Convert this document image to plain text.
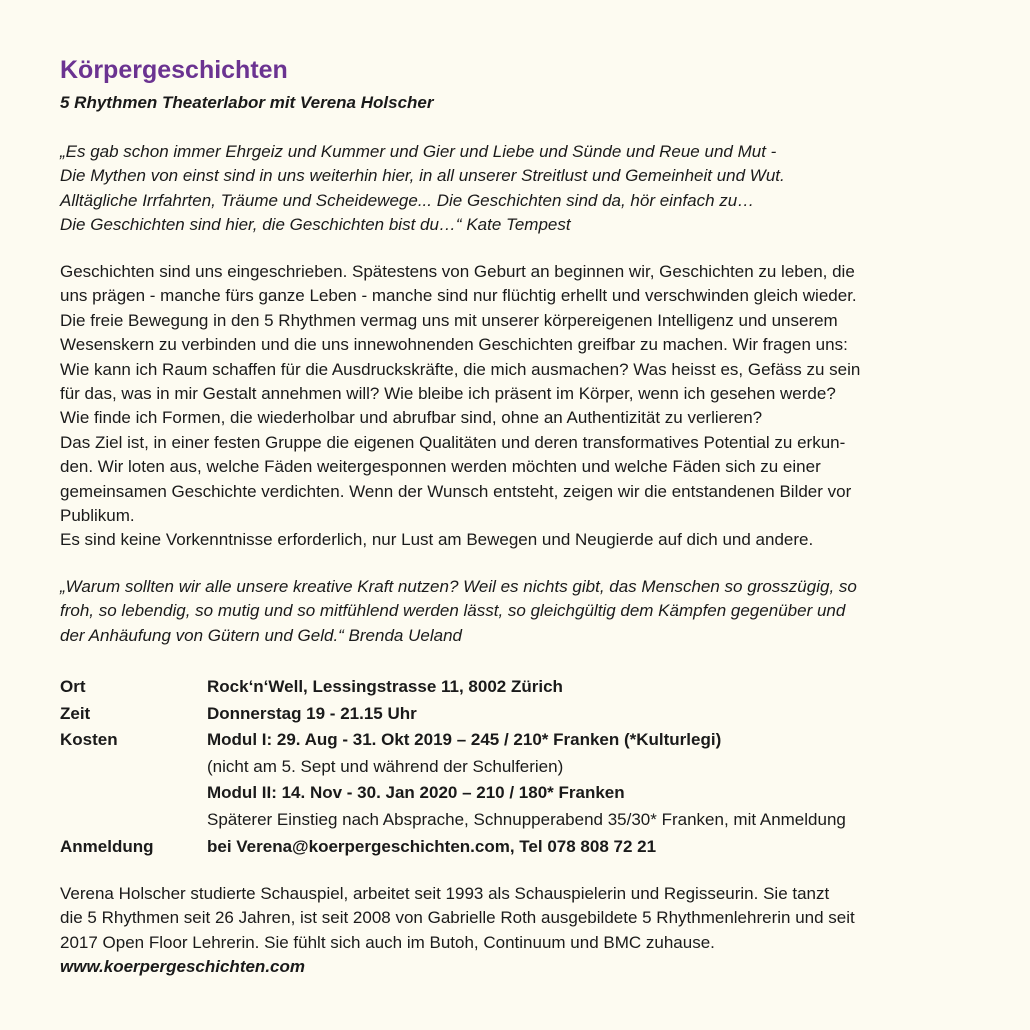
Körpergeschichten
5 Rhythmen Theaterlabor mit Verena Holscher
„Es gab schon immer Ehrgeiz und Kummer und Gier und Liebe und Sünde und Reue und Mut -
Die Mythen von einst sind in uns weiterhin hier, in all unserer Streitlust und Gemeinheit und Wut.
Alltägliche Irrfahrten, Träume und Scheidewege... Die Geschichten sind da, hör einfach zu…
Die Geschichten sind hier, die Geschichten bist du…“ Kate Tempest
Geschichten sind uns eingeschrieben. Spätestens von Geburt an beginnen wir, Geschichten zu leben, die
uns prägen - manche fürs ganze Leben - manche sind nur flüchtig erhellt und verschwinden gleich wieder.
Die freie Bewegung in den 5 Rhythmen vermag uns mit unserer körpereigenen Intelligenz und unserem
Wesenskern zu verbinden und die uns innewohnenden Geschichten greifbar zu machen. Wir fragen uns:
Wie kann ich Raum schaffen für die Ausdruckskräfte, die mich ausmachen? Was heisst es, Gefäss zu sein
für das, was in mir Gestalt annehmen will? Wie bleibe ich präsent im Körper, wenn ich gesehen werde?
Wie finde ich Formen, die wiederholbar und abrufbar sind, ohne an Authentizität zu verlieren?
Das Ziel ist, in einer festen Gruppe die eigenen Qualitäten und deren transformatives Potential zu erkun-
den. Wir loten aus, welche Fäden weitergesponnen werden möchten und welche Fäden sich zu einer
gemeinsamen Geschichte verdichten. Wenn der Wunsch entsteht, zeigen wir die entstandenen Bilder vor
Publikum.
Es sind keine Vorkenntnisse erforderlich, nur Lust am Bewegen und Neugierde auf dich und andere.
„Warum sollten wir alle unsere kreative Kraft nutzen? Weil es nichts gibt, das Menschen so grosszügig, so
froh, so lebendig, so mutig und so mitfühlend werden lässt, so gleichgültig dem Kämpfen gegenüber und
der Anhäufung von Gütern und Geld.“ Brenda Ueland
Ort	Rock‘n‘Well, Lessingstrasse 11, 8002 Zürich
Zeit	Donnerstag 19 - 21.15 Uhr
Kosten	Modul I: 29. Aug - 31. Okt 2019 – 245 / 210* Franken (*Kulturlegi)
(nicht am 5. Sept und während der Schulferien)
Modul II: 14. Nov - 30. Jan 2020 – 210 / 180* Franken
Späterer Einstieg nach Absprache, Schnupperabend 35/30* Franken, mit Anmeldung
Anmeldung	bei Verena@koerpergeschichten.com, Tel 078 808 72 21
Verena Holscher studierte Schauspiel, arbeitet seit 1993 als Schauspielerin und Regisseurin. Sie tanzt
die 5 Rhythmen seit 26 Jahren, ist seit 2008 von Gabrielle Roth ausgebildete 5 Rhythmenlehrerin und seit
2017 Open Floor Lehrerin. Sie fühlt sich auch im Butoh, Continuum und BMC zuhause.
www.koerpergeschichten.com
